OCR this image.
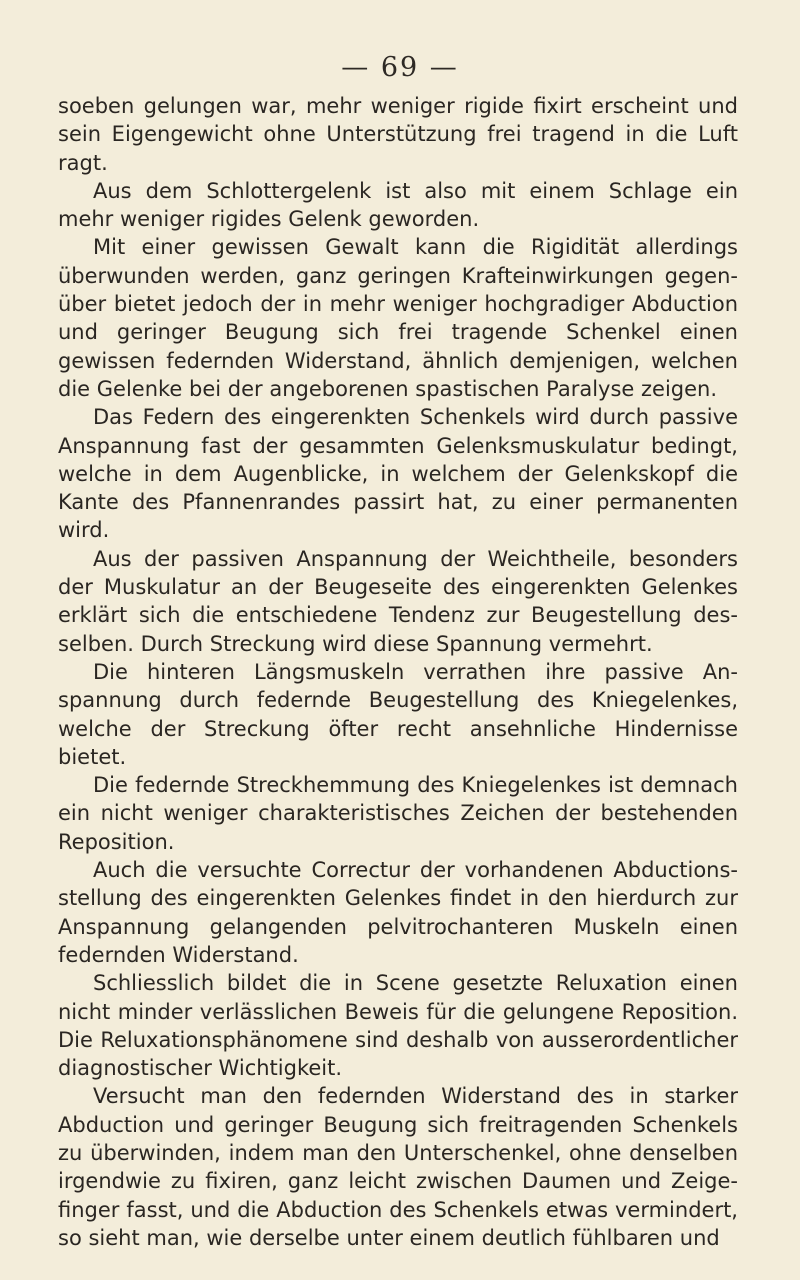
— 69 —

soeben gelungen war, mehr weniger rigide fixirt erscheint und sein Eigengewicht ohne Unterstützung frei tragend in die Luft ragt.

Aus dem Schlottergelenk ist also mit einem Schlage ein mehr weniger rigides Gelenk geworden.

Mit einer gewissen Gewalt kann die Rigidität allerdings überwunden werden, ganz geringen Krafteinwirkungen gegenüber bietet jedoch der in mehr weniger hochgradiger Abduction und geringer Beugung sich frei tragende Schenkel einen gewissen federnden Widerstand, ähnlich demjenigen, welchen die Gelenke bei der angeborenen spastischen Paralyse zeigen.

Das Federn des eingerenkten Schenkels wird durch passive Anspannung fast der gesammten Gelenksmuskulatur bedingt, welche in dem Augenblicke, in welchem der Gelenkskopf die Kante des Pfannenrandes passirt hat, zu einer permanenten wird.

Aus der passiven Anspannung der Weichtheile, besonders der Muskulatur an der Beugeseite des eingerenkten Gelenkes erklärt sich die entschiedene Tendenz zur Beugestellung desselben. Durch Streckung wird diese Spannung vermehrt.

Die hinteren Längsmuskeln verrathen ihre passive Anspannung durch federnde Beugestellung des Kniegelenkes, welche der Streckung öfter recht ansehnliche Hindernisse bietet.

Die federnde Streckhemmung des Kniegelenkes ist demnach ein nicht weniger charakteristisches Zeichen der bestehenden Reposition.

Auch die versuchte Correctur der vorhandenen Abductionsstellung des eingerenkten Gelenkes findet in den hierdurch zur Anspannung gelangenden pelvitrochanteren Muskeln einen federnden Widerstand.

Schliesslich bildet die in Scene gesetzte Reluxation einen nicht minder verlässlichen Beweis für die gelungene Reposition. Die Reluxationsphänomene sind deshalb von ausserordentlicher diagnostischer Wichtigkeit.

Versucht man den federnden Widerstand des in starker Abduction und geringer Beugung sich freitragenden Schenkels zu überwinden, indem man den Unterschenkel, ohne denselben irgendwie zu fixiren, ganz leicht zwischen Daumen und Zeigefinger fasst, und die Abduction des Schenkels etwas vermindert, so sieht man, wie derselbe unter einem deutlich fühlbaren und
